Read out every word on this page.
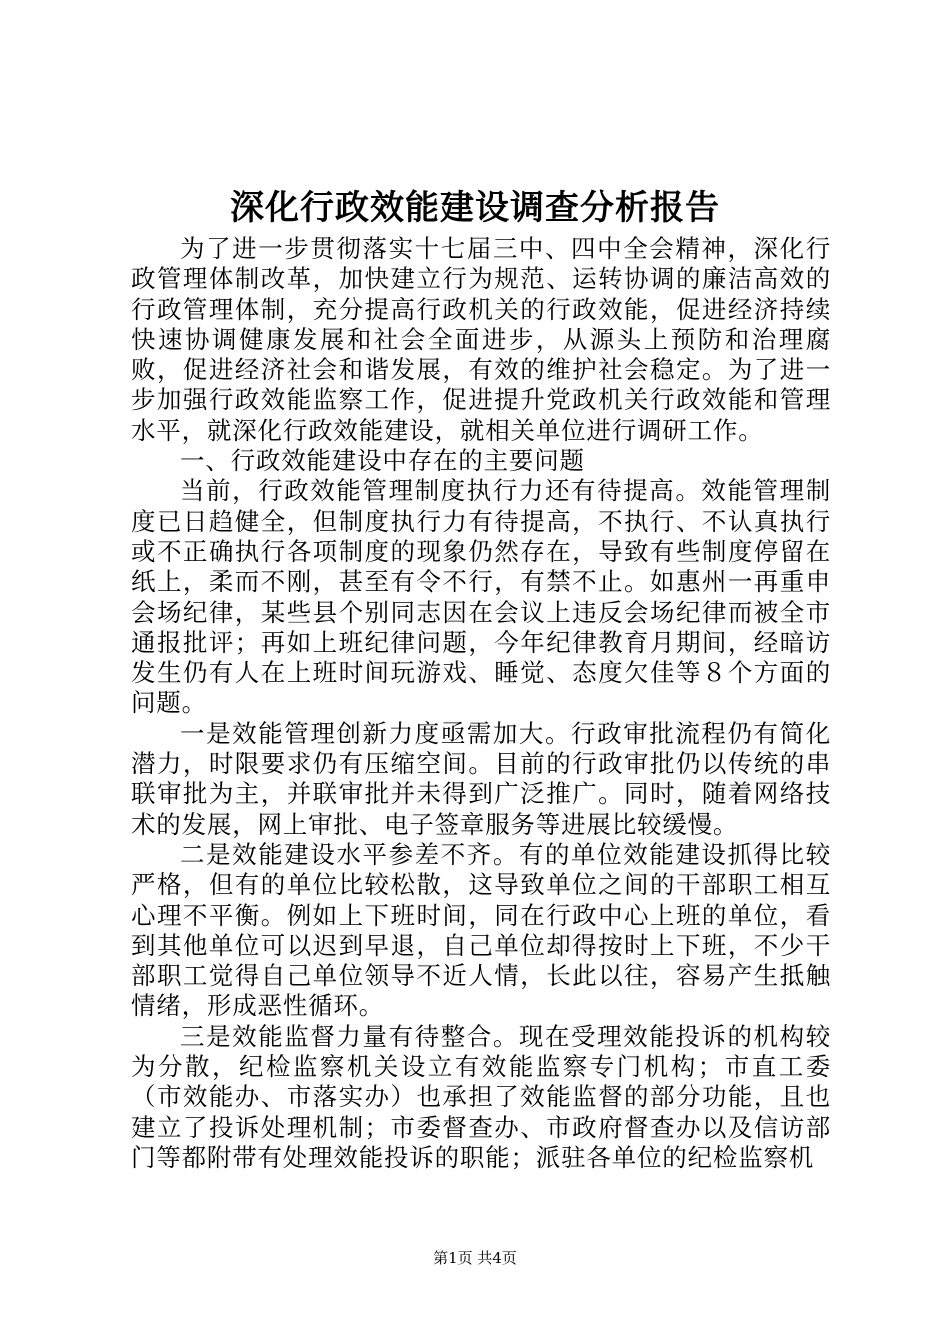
深化行政效能建设调查分析报告

为了进一步贯彻落实十七届三中、四中全会精神，深化行政管理体制改革，加快建立行为规范、运转协调的廉洁高效的行政管理体制，充分提高行政机关的行政效能，促进经济持续快速协调健康发展和社会全面进步，从源头上预防和治理腐败，促进经济社会和谐发展，有效的维护社会稳定。为了进一步加强行政效能监察工作，促进提升党政机关行政效能和管理水平，就深化行政效能建设，就相关单位进行调研工作。

一、行政效能建设中存在的主要问题

当前，行政效能管理制度执行力还有待提高。效能管理制度已日趋健全，但制度执行力有待提高，不执行、不认真执行或不正确执行各项制度的现象仍然存在，导致有些制度停留在纸上，柔而不刚，甚至有令不行，有禁不止。如惠州一再重申会场纪律，某些县个别同志因在会议上违反会场纪律而被全市通报批评；再如上班纪律问题，今年纪律教育月期间，经暗访发生仍有人在上班时间玩游戏、睡觉、态度欠佳等８个方面的问题。

一是效能管理创新力度亟需加大。行政审批流程仍有简化潜力，时限要求仍有压缩空间。目前的行政审批仍以传统的串联审批为主，并联审批并未得到广泛推广。同时，随着网络技术的发展，网上审批、电子签章服务等进展比较缓慢。

二是效能建设水平参差不齐。有的单位效能建设抓得比较严格，但有的单位比较松散，这导致单位之间的干部职工相互心理不平衡。例如上下班时间，同在行政中心上班的单位，看到其他单位可以迟到早退，自己单位却得按时上下班，不少干部职工觉得自己单位领导不近人情，长此以往，容易产生抵触情绪，形成恶性循环。

三是效能监督力量有待整合。现在受理效能投诉的机构较为分散，纪检监察机关设立有效能监察专门机构；市直工委（市效能办、市落实办）也承担了效能监督的部分功能，且也建立了投诉处理机制；市委督查办、市政府督查办以及信访部门等都附带有处理效能投诉的职能；派驻各单位的纪检监察机

第1页 共4页
